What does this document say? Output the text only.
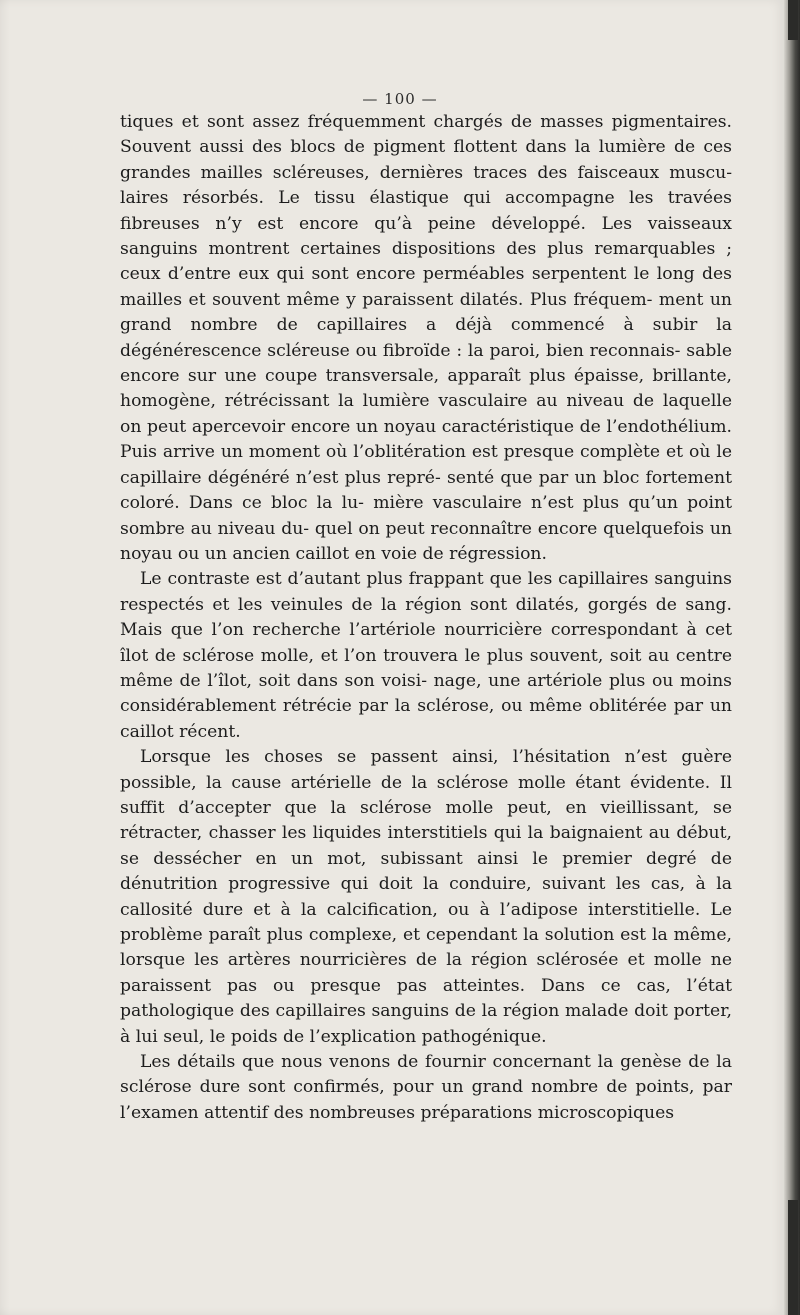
— 100 —

tiques et sont assez fréquemment chargés de masses pigmentaires. Souvent aussi des blocs de pigment flottent dans la lumière de ces grandes mailles scléreuses, dernières traces des faisceaux muscu- laires résorbés. Le tissu élastique qui accompagne les travées fibreuses n’y est encore qu’à peine développé. Les vaisseaux sanguins montrent certaines dispositions des plus remarquables ; ceux d’entre eux qui sont encore perméables serpentent le long des mailles et souvent même y paraissent dilatés. Plus fréquem- ment un grand nombre de capillaires a déjà commencé à subir la dégénérescence scléreuse ou fibroïde : la paroi, bien reconnais- sable encore sur une coupe transversale, apparaît plus épaisse, brillante, homogène, rétrécissant la lumière vasculaire au niveau de laquelle on peut apercevoir encore un noyau caractéristique de l’endothélium. Puis arrive un moment où l’oblitération est presque complète et où le capillaire dégénéré n’est plus repré- senté que par un bloc fortement coloré. Dans ce bloc la lu- mière vasculaire n’est plus qu’un point sombre au niveau du- quel on peut reconnaître encore quelquefois un noyau ou un ancien caillot en voie de régression.

Le contraste est d’autant plus frappant que les capillaires sanguins respectés et les veinules de la région sont dilatés, gorgés de sang. Mais que l’on recherche l’artériole nourricière correspondant à cet îlot de sclérose molle, et l’on trouvera le plus souvent, soit au centre même de l’îlot, soit dans son voisi- nage, une artériole plus ou moins considérablement rétrécie par la sclérose, ou même oblitérée par un caillot récent.

Lorsque les choses se passent ainsi, l’hésitation n’est guère possible, la cause artérielle de la sclérose molle étant évidente. Il suffit d’accepter que la sclérose molle peut, en vieillissant, se rétracter, chasser les liquides interstitiels qui la baignaient au début, se dessécher en un mot, subissant ainsi le premier degré de dénutrition progressive qui doit la conduire, suivant les cas, à la callosité dure et à la calcification, ou à l’adipose interstitielle. Le problème paraît plus complexe, et cependant la solution est la même, lorsque les artères nourricières de la région sclérosée et molle ne paraissent pas ou presque pas atteintes. Dans ce cas, l’état pathologique des capillaires sanguins de la région malade doit porter, à lui seul, le poids de l’explication pathogénique.

Les détails que nous venons de fournir concernant la genèse de la sclérose dure sont confirmés, pour un grand nombre de points, par l’examen attentif des nombreuses préparations microscopiques
